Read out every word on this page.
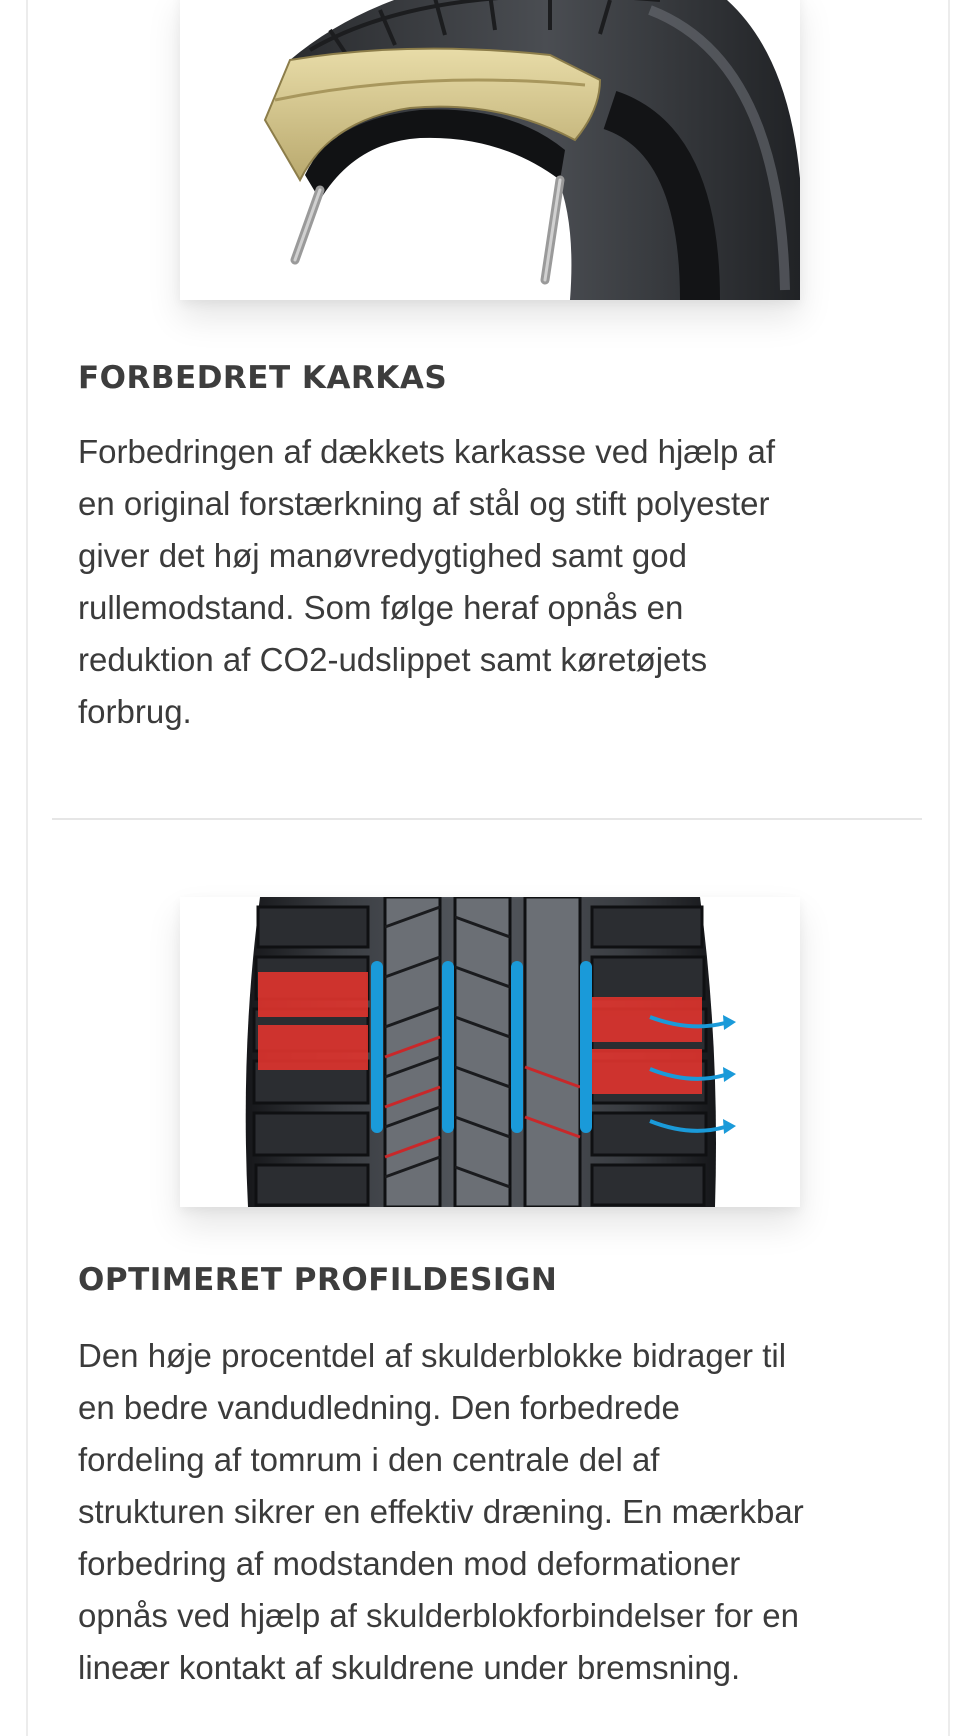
FORBEDRET KARKAS
Forbedringen af dækkets karkasse ved hjælp af
en original forstærkning af stål og stift polyester
giver det høj manøvredygtighed samt god
rullemodstand. Som følge heraf opnås en
reduktion af CO2-udslippet samt køretøjets
forbrug.
OPTIMERET PROFILDESIGN
Den høje procentdel af skulderblokke bidrager til
en bedre vandudledning. Den forbedrede
fordeling af tomrum i den centrale del af
strukturen sikrer en effektiv dræning. En mærkbar
forbedring af modstanden mod deformationer
opnås ved hjælp af skulderblokforbindelser for en
lineær kontakt af skuldrene under bremsning.
